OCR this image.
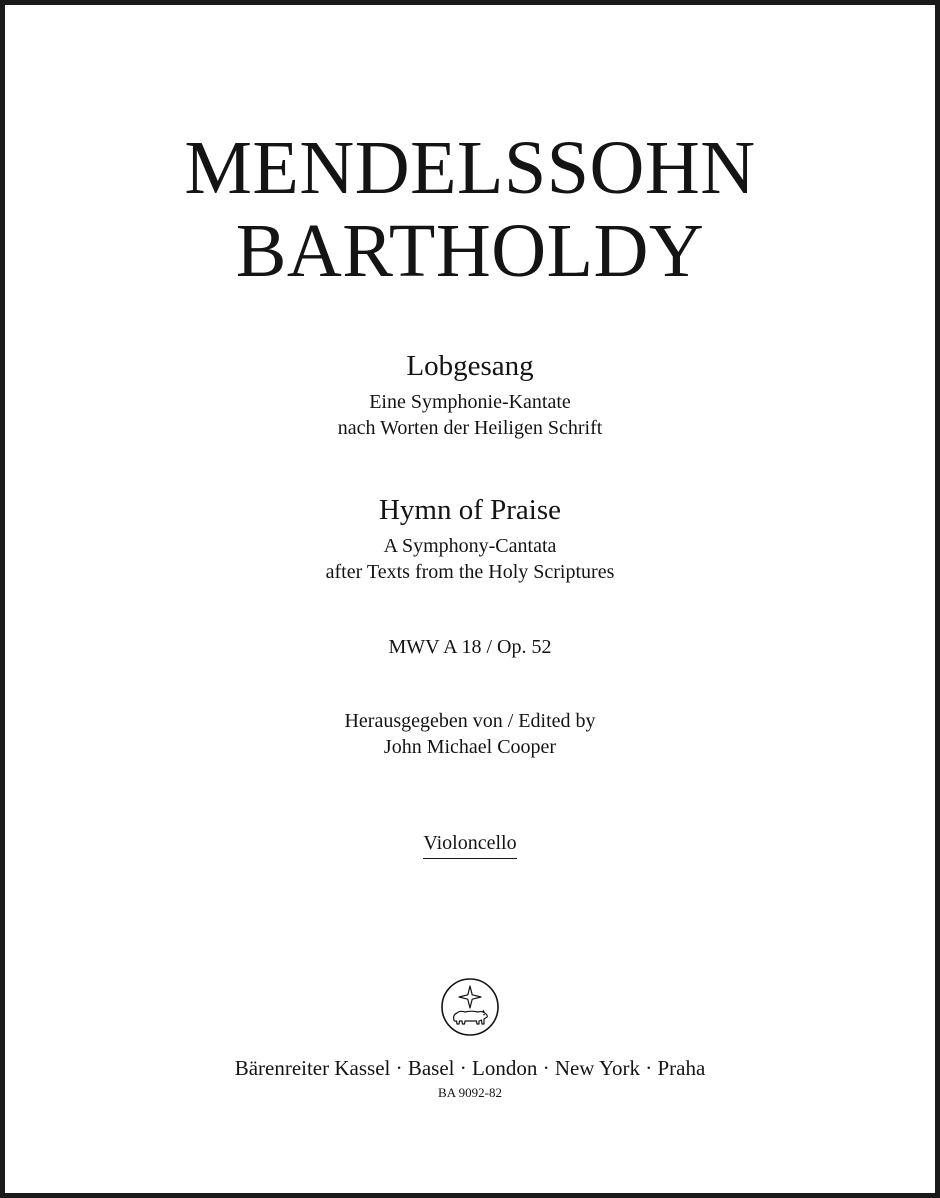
MENDELSSOHN
BARTHOLDY
Lobgesang
Eine Symphonie-Kantate
nach Worten der Heiligen Schrift
Hymn of Praise
A Symphony-Cantata
after Texts from the Holy Scriptures
MWV A 18 / Op. 52
Herausgegeben von / Edited by
John Michael Cooper
Violoncello
Bärenreiter Kassel · Basel · London · New York · Praha
BA 9092-82
